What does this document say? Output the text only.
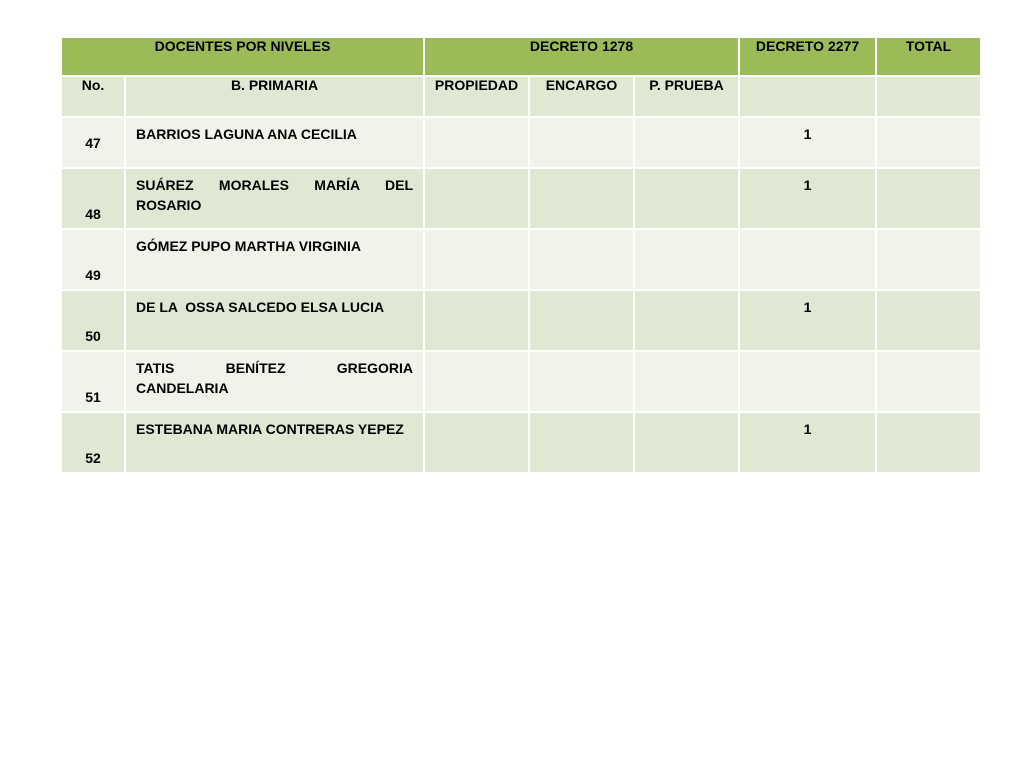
DOCENTES POR NIVELES		DECRETO 1278			DECRETO 2277	TOTAL
No.	B. PRIMARIA	PROPIEDAD	ENCARGO	P. PRUEBA		
47	BARRIOS LAGUNA ANA CECILIA				1	
48	SUÁREZ MORALES MARÍA DEL ROSARIO				1	
49	GÓMEZ PUPO MARTHA VIRGINIA					
50	DE LA  OSSA SALCEDO ELSA LUCIA				1	
51	TATIS BENÍTEZ GREGORIA CANDELARIA					
52	ESTEBANA MARIA CONTRERAS YEPEZ				1	
